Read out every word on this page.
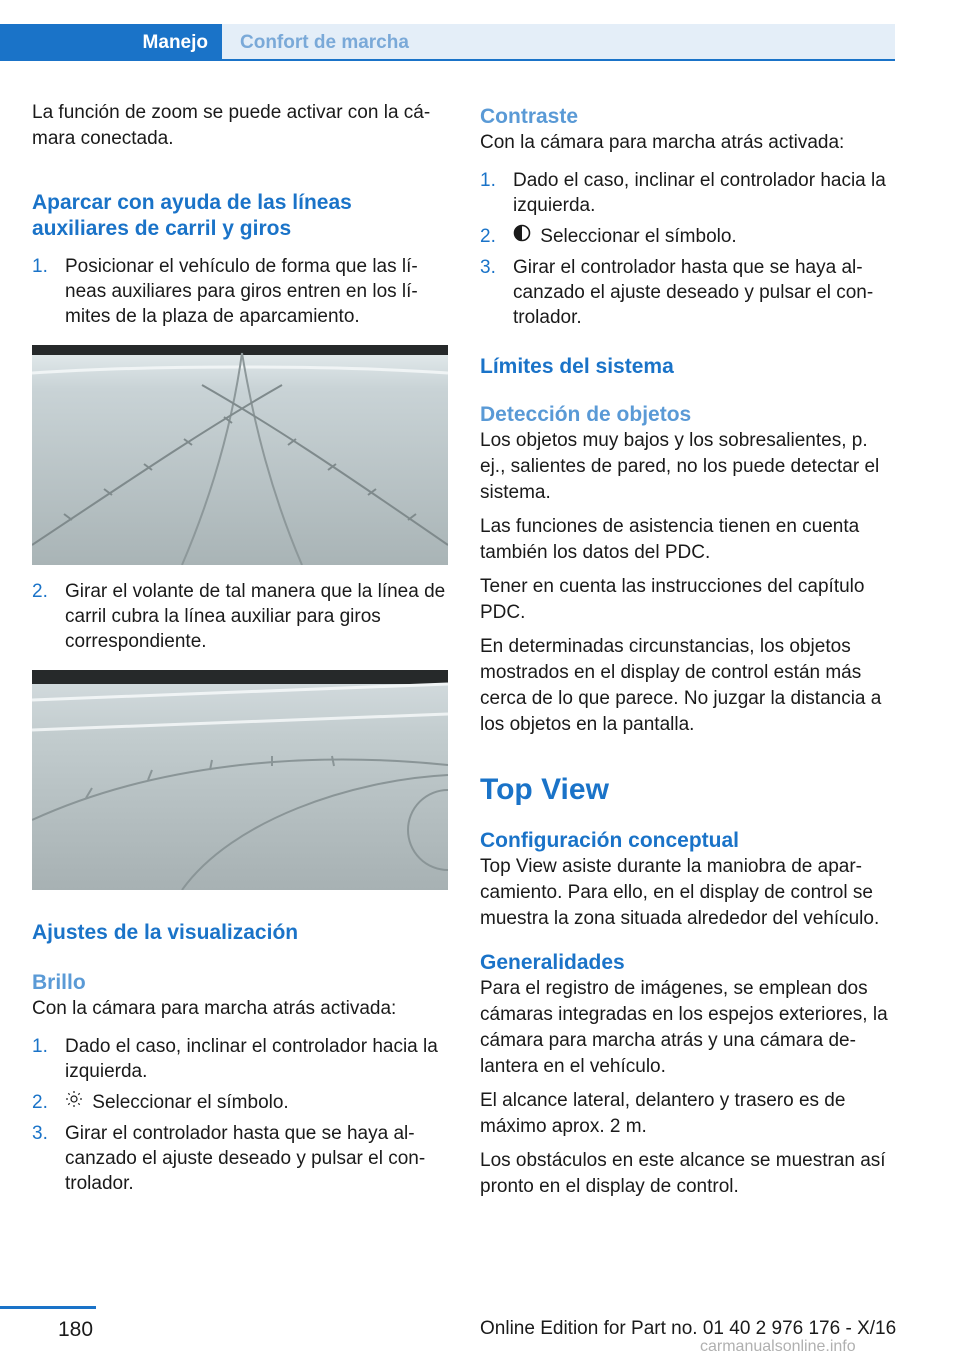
Manejo	Confort de marcha

La función de zoom se puede activar con la cá-mara conectada.

Aparcar con ayuda de las líneas auxiliares de carril y giros
1. Posicionar el vehículo de forma que las lí-neas auxiliares para giros entren en los lí-mites de la plaza de aparcamiento.
2. Girar el volante de tal manera que la línea de carril cubra la línea auxiliar para giros correspondiente.
Ajustes de la visualización
Brillo

Con la cámara para marcha atrás activada:

1. Dado el caso, inclinar el controlador hacia la izquierda.
2.	Seleccionar el símbolo.
3. Girar el controlador hasta que se haya al-canzado el ajuste deseado y pulsar el con-trolador.
Contraste

Con la cámara para marcha atrás activada:

1. Dado el caso, inclinar el controlador hacia la izquierda.
2.	Seleccionar el símbolo.
3. Girar el controlador hasta que se haya al-canzado el ajuste deseado y pulsar el con-trolador.
Límites del sistema
Detección de objetos

Los objetos muy bajos y los sobresalientes, p. ej., salientes de pared, no los puede detectar el sistema.

Las funciones de asistencia tienen en cuenta también los datos del PDC.

Tener en cuenta las instrucciones del capítulo PDC.

En determinadas circunstancias, los objetos mostrados en el display de control están más cerca de lo que parece. No juzgar la distancia a los objetos en la pantalla.

Top View
Configuración conceptual

Top View asiste durante la maniobra de apar-camiento. Para ello, en el display de control se muestra la zona situada alrededor del vehículo.

Generalidades

Para el registro de imágenes, se emplean dos cámaras integradas en los espejos exteriores, la cámara para marcha atrás y una cámara de-lantera en el vehículo.

El alcance lateral, delantero y trasero es de máximo aprox. 2 m.

Los obstáculos en este alcance se muestran así pronto en el display de control.

180	Online Edition for Part no. 01 40 2 976 176 - X/16
carmanualsonline.info
